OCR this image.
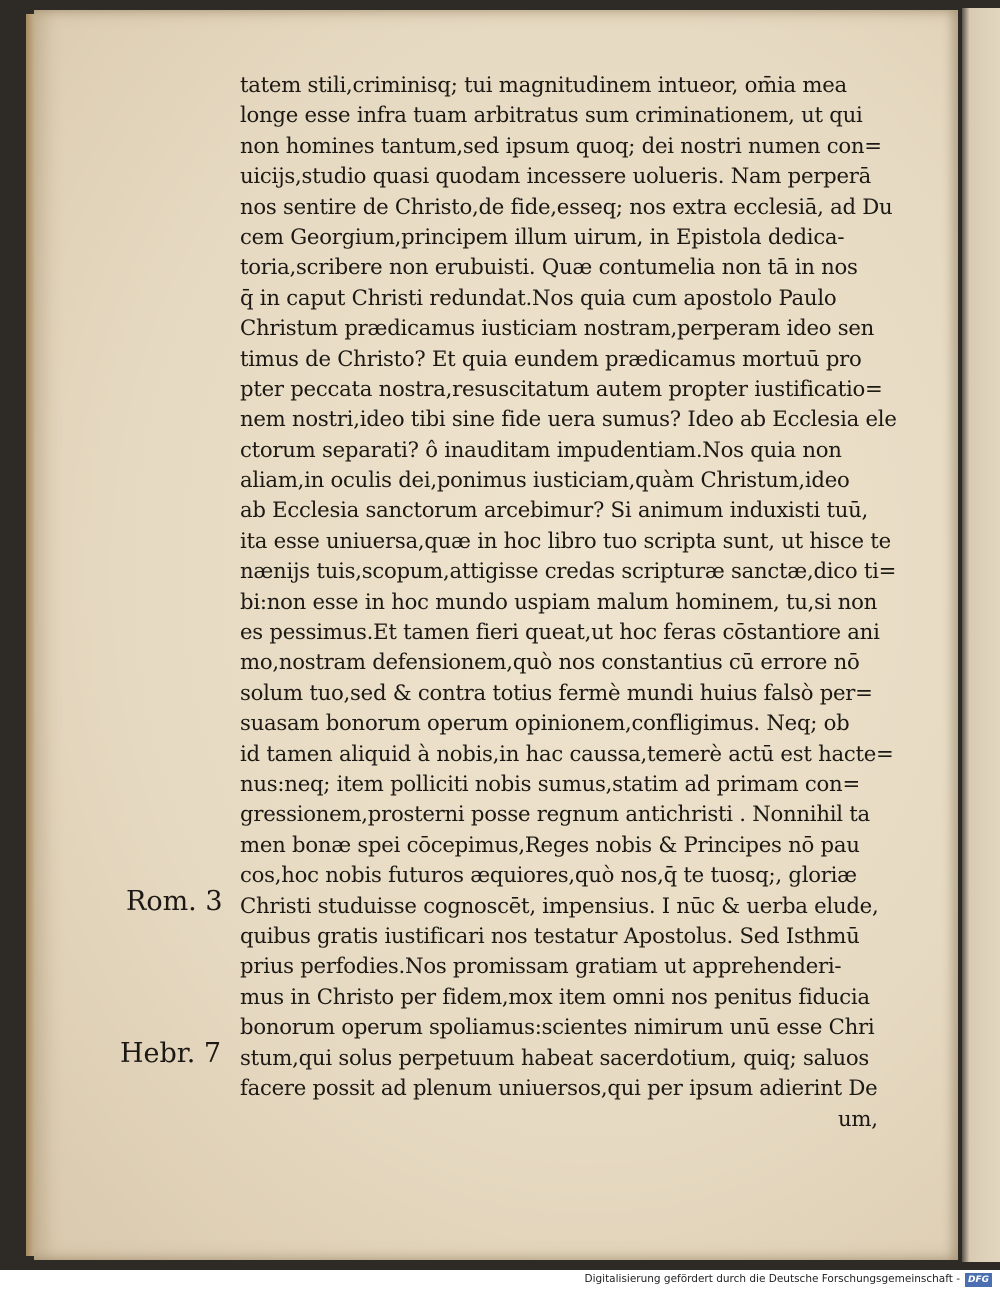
tatem stili,criminisq; tui magnitudinem intueor, om̄ia mea
longe esse infra tuam arbitratus sum criminationem, ut qui
non homines tantum,sed ipsum quoq; dei nostri numen con=
uicijs,studio quasi quodam incessere uolueris. Nam perperā
nos sentire de Christo,de fide,esseq; nos extra ecclesiā, ad Du
cem Georgium,principem illum uirum, in Epistola dedica-
toria,scribere non erubuisti. Quæ contumelia non tā in nos
q̄ in caput Christi redundat.Nos quia cum apostolo Paulo
Christum prædicamus iusticiam nostram,perperam ideo sen
timus de Christo? Et quia eundem prædicamus mortuū pro
pter peccata nostra,resuscitatum autem propter iustificatio=
nem nostri,ideo tibi sine fide uera sumus? Ideo ab Ecclesia ele
ctorum separati? ô inauditam impudentiam.Nos quia non
aliam,in oculis dei,ponimus iusticiam,quàm Christum,ideo
ab Ecclesia sanctorum arcebimur? Si animum induxisti tuū,
ita esse uniuersa,quæ in hoc libro tuo scripta sunt, ut hisce te
nænijs tuis,scopum,attigisse credas scripturæ sanctæ,dico ti=
bi:non esse in hoc mundo uspiam malum hominem, tu,si non
es pessimus.Et tamen fieri queat,ut hoc feras cōstantiore ani
mo,nostram defensionem,quò nos constantius cū errore nō
solum tuo,sed & contra totius fermè mundi huius falsò per=
suasam bonorum operum opinionem,confligimus. Neq; ob
id tamen aliquid à nobis,in hac caussa,temerè actū est hacte=
nus:neq; item polliciti nobis sumus,statim ad primam con=
gressionem,prosterni posse regnum antichristi . Nonnihil ta
men bonæ spei cōcepimus,Reges nobis & Principes nō pau
cos,hoc nobis futuros æquiores,quò nos,q̄ te tuosq;, gloriæ
Christi studuisse cognoscēt, impensius. I nūc & uerba elude,
quibus gratis iustificari nos testatur Apostolus. Sed Isthmū
prius perfodies.Nos promissam gratiam ut apprehenderi-
mus in Christo per fidem,mox item omni nos penitus fiducia
bonorum operum spoliamus:scientes nimirum unū esse Chri
stum,qui solus perpetuum habeat sacerdotium, quiq; saluos
facere possit ad plenum uniuersos,qui per ipsum adierint De
Rom. 3
Hebr. 7
um,
Digitalisierung gefördert durch die Deutsche Forschungsgemeinschaft - DFG
